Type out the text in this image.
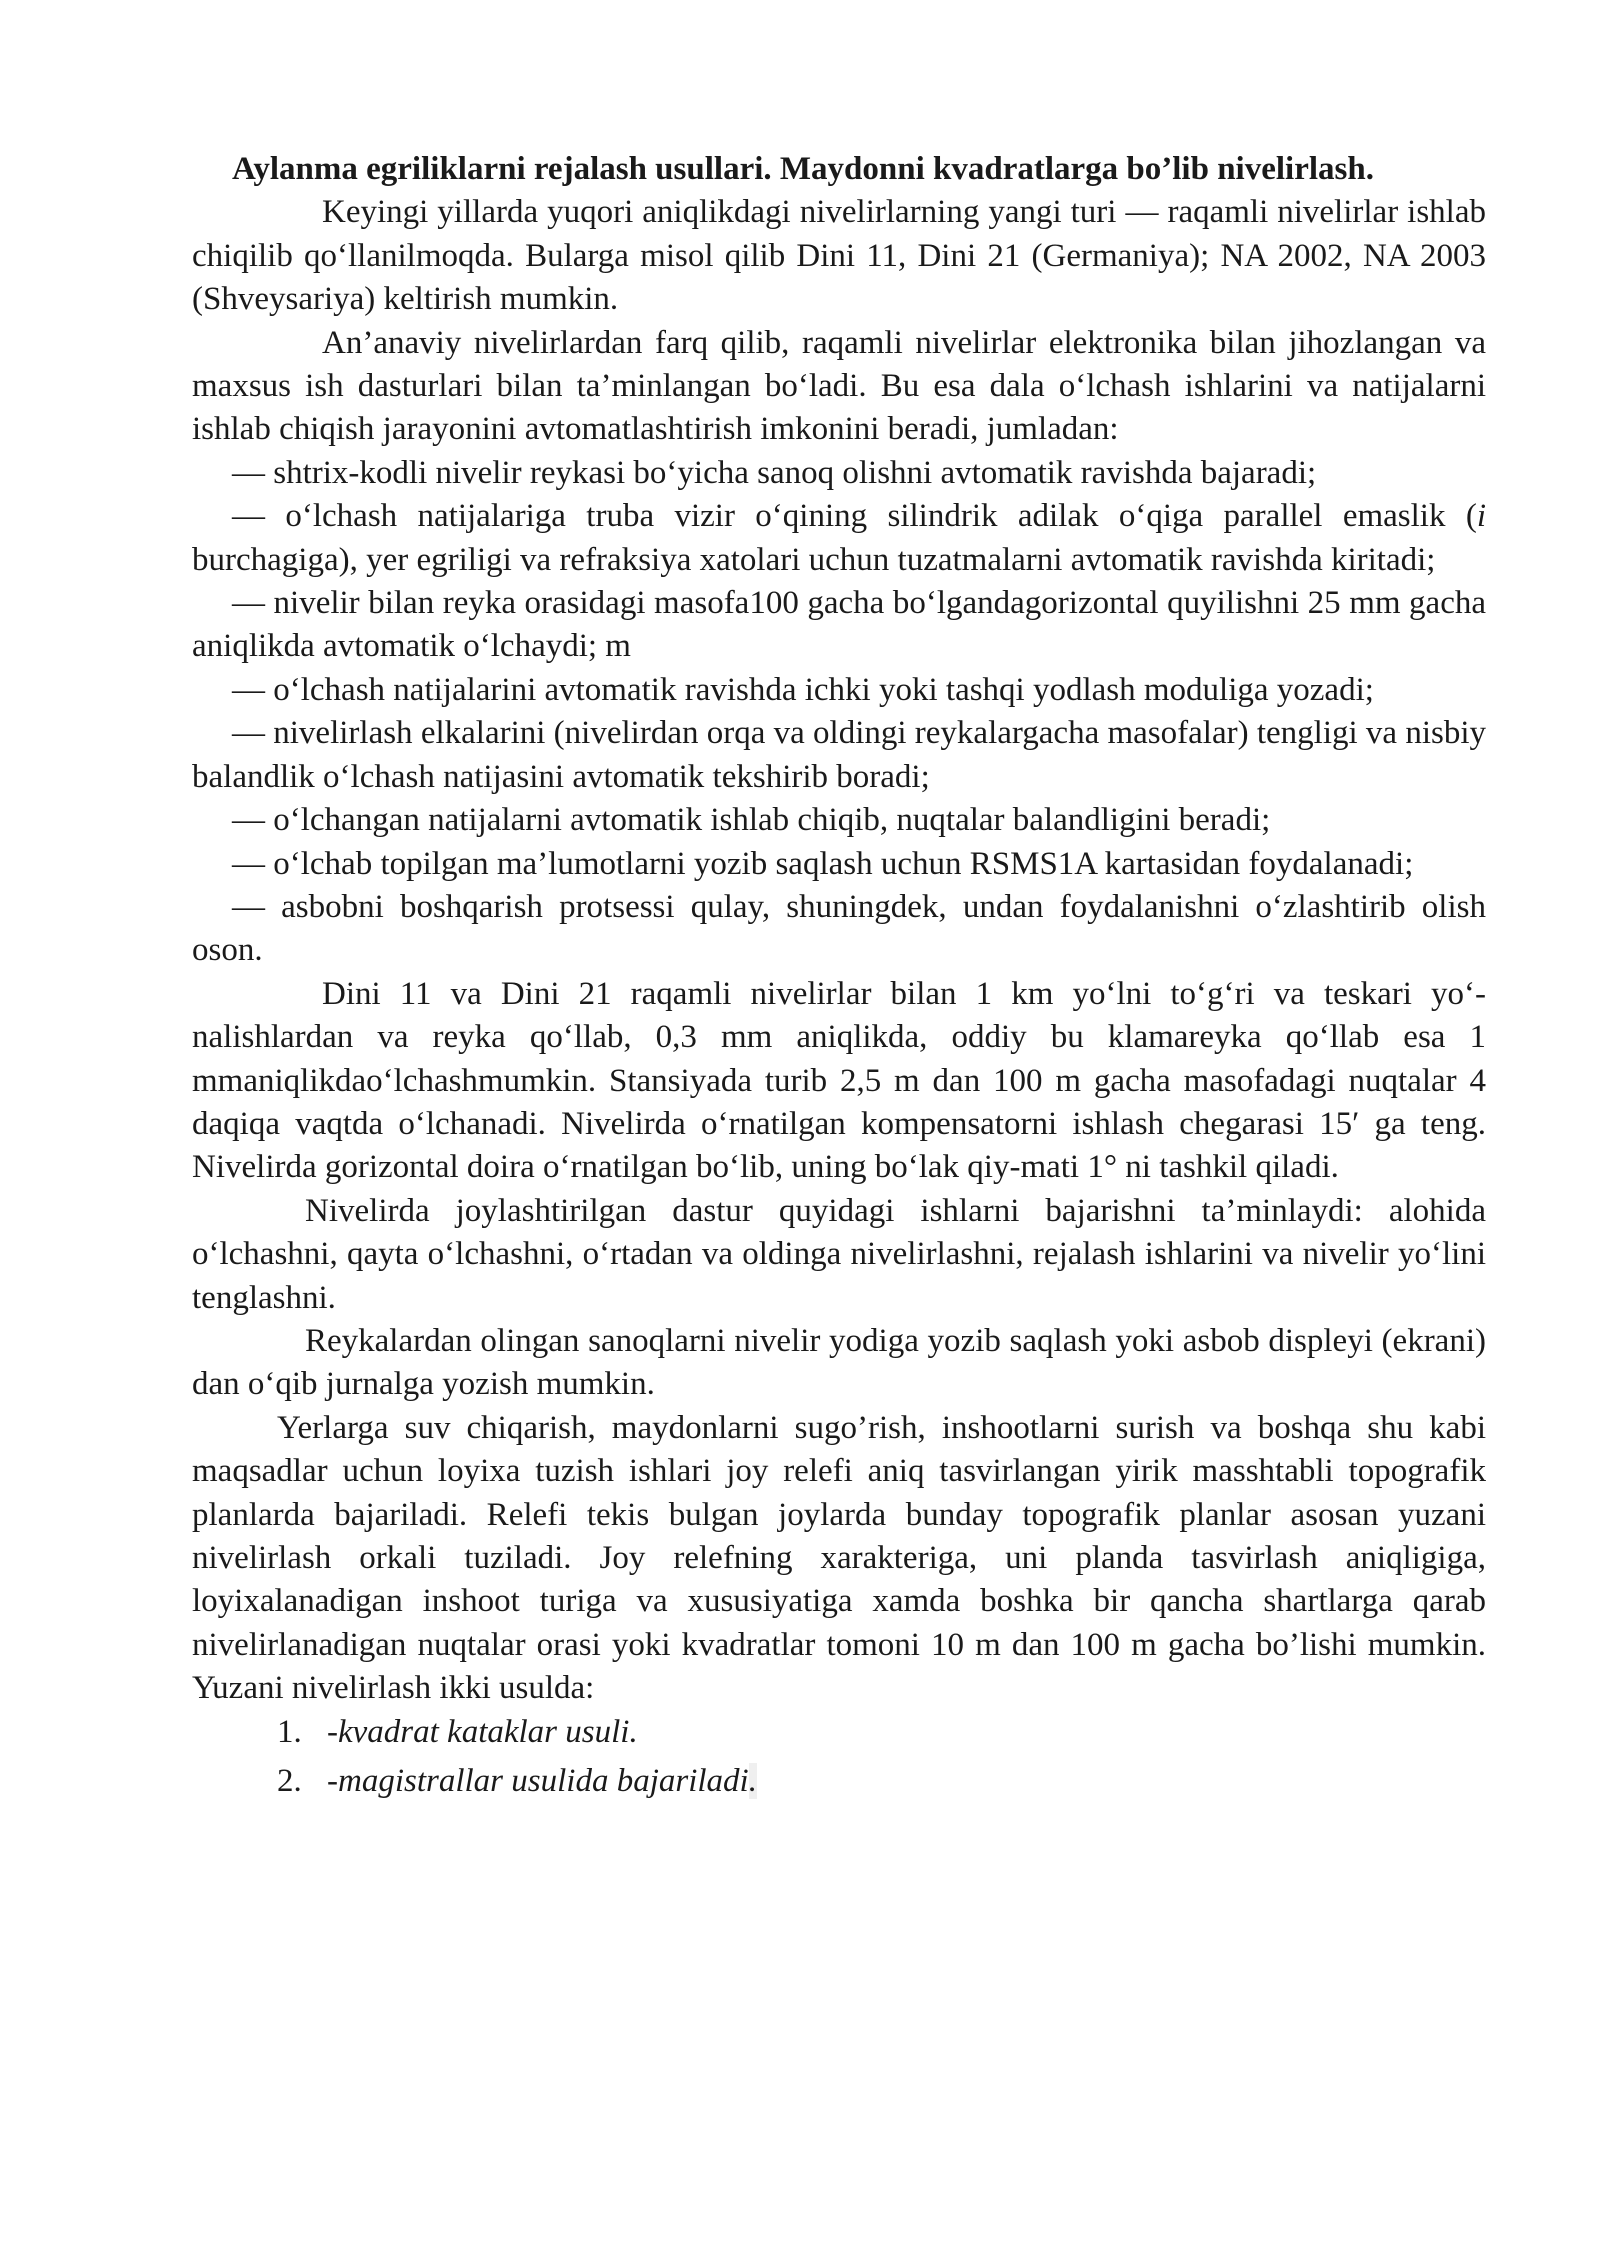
Aylanma egriliklarni rejalash usullari. Maydonni kvadratlarga bo’lib nivelirlash.

Keyingi yillarda yuqori aniqlikdagi nivelirlarning yangi turi — raqamli nivelirlar ishlab chiqilib qo‘llanilmoqda. Bularga misol qilib Dini 11, Dini 21 (Germaniya); NA 2002, NA 2003 (Shveysariya) keltirish mumkin.

An’anaviy nivelirlardan farq qilib, raqamli nivelirlar elektronika bilan jihozlangan va maxsus ish dasturlari bilan ta’minlangan bo‘ladi. Bu esa dala o‘lchash ishlarini va natijalarni ishlab chiqish jarayonini avtomatlashtirish imkonini beradi, jumladan:

— shtrix-kodli nivelir reykasi bo‘yicha sanoq olishni avtomatik ravishda bajaradi;

— o‘lchash natijalariga truba vizir o‘qining silindrik adilak o‘qiga parallel emaslik (i burchagiga), yer egriligi va refraksiya xatolari uchun tuzatmalarni avtomatik ravishda kiritadi;

— nivelir bilan reyka orasidagi masofa100 gacha bo‘lgandagorizontal quyilishni 25 mm gacha aniqlikda avtomatik o‘lchaydi; m

— o‘lchash natijalarini avtomatik ravishda ichki yoki tashqi yodlash moduliga yozadi;

— nivelirlash elkalarini (nivelirdan orqa va oldingi reykalargacha masofalar) tengligi va nisbiy balandlik o‘lchash natijasini avtomatik tekshirib boradi;

— o‘lchangan natijalarni avtomatik ishlab chiqib, nuqtalar balandligini beradi;

— o‘lchab topilgan ma’lumotlarni yozib saqlash uchun RSMS1A kartasidan foydalanadi;

— asbobni boshqarish protsessi qulay, shuningdek, undan foydalanishni o‘zlashtirib olish oson.

Dini 11 va Dini 21 raqamli nivelirlar bilan 1 km yo‘lni to‘g‘ri va teskari yo‘-nalishlardan va reyka qo‘llab, 0,3 mm aniqlikda, oddiy bu klamareyka qo‘llab esa 1 mmaniqlikdao‘lchashmumkin. Stansiyada turib 2,5 m dan 100 m gacha masofadagi nuqtalar 4 daqiqa vaqtda o‘lchanadi. Nivelirda o‘rnatilgan kompensatorni ishlash chegarasi 15′ ga teng. Nivelirda gorizontal doira o‘rnatilgan bo‘lib, uning bo‘lak qiy-mati 1° ni tashkil qiladi.

Nivelirda joylashtirilgan dastur quyidagi ishlarni bajarishni ta’minlaydi: alohida o‘lchashni, qayta o‘lchashni, o‘rtadan va oldinga nivelirlashni, rejalash ishlarini va nivelir yo‘lini tenglashni.

Reykalardan olingan sanoqlarni nivelir yodiga yozib saqlash yoki asbob displeyi (ekrani) dan o‘qib jurnalga yozish mumkin.

Yerlarga suv chiqarish, maydonlarni sugo’rish, inshootlarni surish va boshqa shu kabi maqsadlar uchun loyixa tuzish ishlari joy relefi aniq tasvirlangan yirik masshtabli topografik planlarda bajariladi. Relefi tekis bulgan joylarda bunday topografik planlar asosan yuzani nivelirlash orkali tuziladi. Joy relefning xarakteriga, uni planda tasvirlash aniqligiga, loyixalanadigan inshoot turiga va xususiyatiga xamda boshka bir qancha shartlarga qarab nivelirlanadigan nuqtalar orasi yoki kvadratlar tomoni 10 m dan 100 m gacha bo’lishi mumkin. Yuzani nivelirlash ikki usulda:

1. -kvadrat kataklar usuli.
2. -magistrallar usulida bajariladi.
